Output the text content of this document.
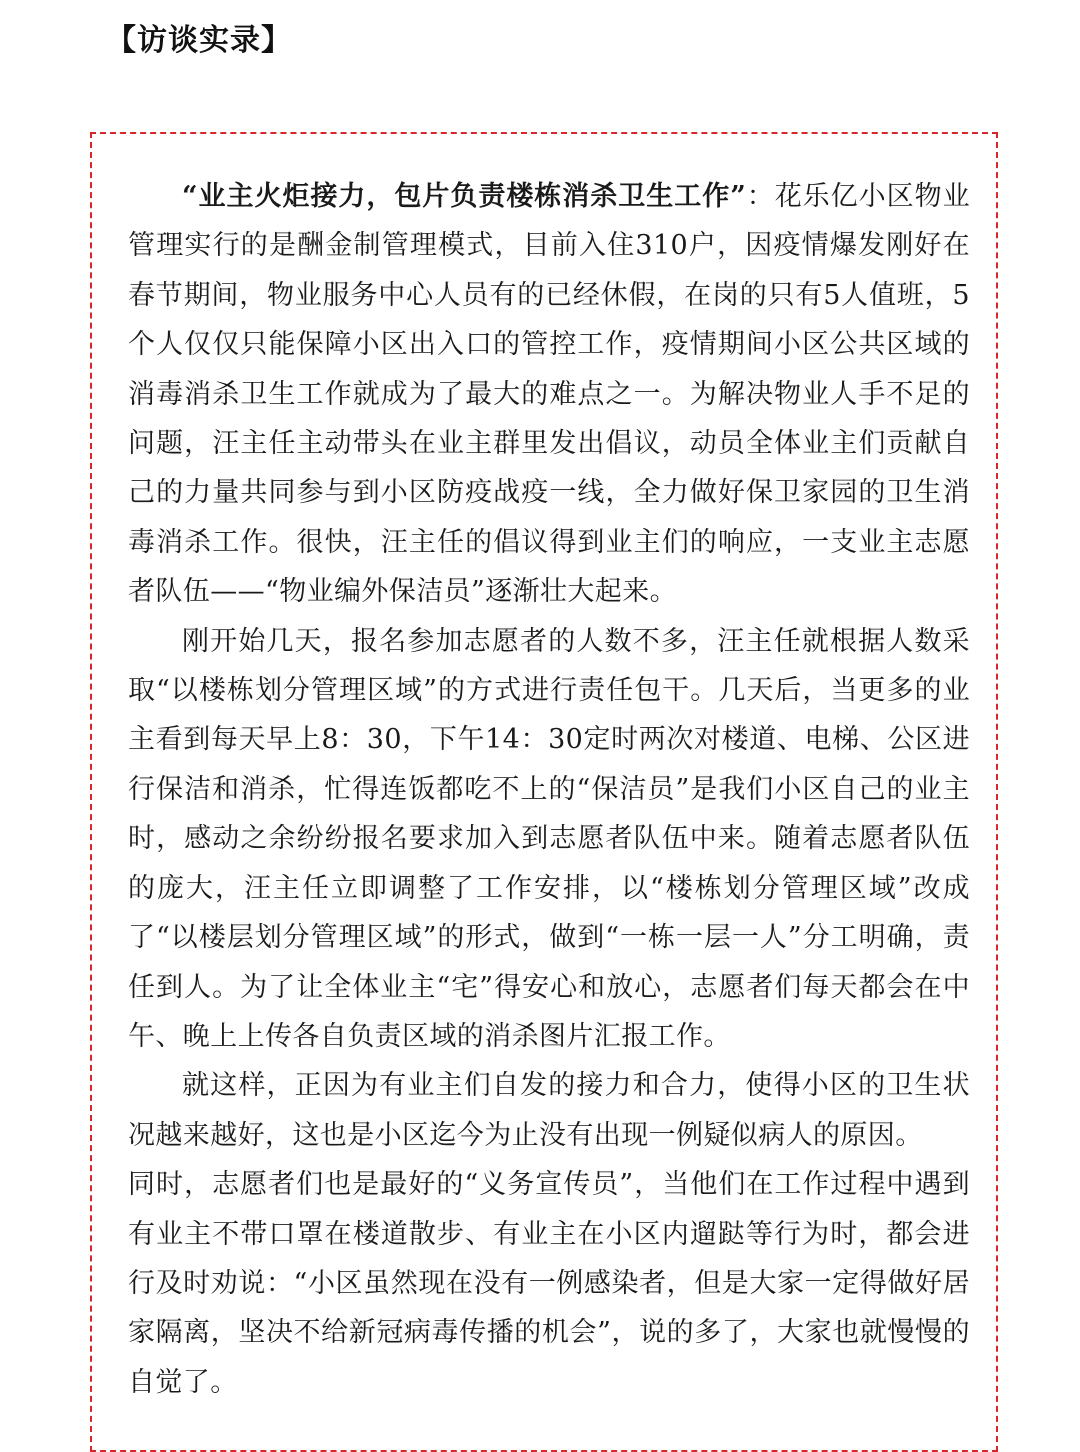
【访谈实录】

“业主火炬接力，包片负责楼栋消杀卫生工作”：花乐亿小区物业管理实行的是酬金制管理模式，目前入住310户，因疫情爆发刚好在春节期间，物业服务中心人员有的已经休假，在岗的只有5人值班，5个人仅仅只能保障小区出入口的管控工作，疫情期间小区公共区域的消毒消杀卫生工作就成为了最大的难点之一。为解决物业人手不足的问题，汪主任主动带头在业主群里发出倡议，动员全体业主们贡献自己的力量共同参与到小区防疫战疫一线，全力做好保卫家园的卫生消毒消杀工作。很快，汪主任的倡议得到业主们的响应，一支业主志愿者队伍——“物业编外保洁员”逐渐壮大起来。

刚开始几天，报名参加志愿者的人数不多，汪主任就根据人数采取“以楼栋划分管理区域”的方式进行责任包干。几天后，当更多的业主看到每天早上8：30，下午14：30定时两次对楼道、电梯、公区进行保洁和消杀，忙得连饭都吃不上的“保洁员”是我们小区自己的业主时，感动之余纷纷报名要求加入到志愿者队伍中来。随着志愿者队伍的庞大，汪主任立即调整了工作安排，以“楼栋划分管理区域”改成了“以楼层划分管理区域”的形式，做到“一栋一层一人”分工明确，责任到人。为了让全体业主“宅”得安心和放心，志愿者们每天都会在中午、晚上上传各自负责区域的消杀图片汇报工作。

就这样，正因为有业主们自发的接力和合力，使得小区的卫生状况越来越好，这也是小区迄今为止没有出现一例疑似病人的原因。

同时，志愿者们也是最好的“义务宣传员”，当他们在工作过程中遇到有业主不带口罩在楼道散步、有业主在小区内遛跶等行为时，都会进行及时劝说：“小区虽然现在没有一例感染者，但是大家一定得做好居家隔离，坚决不给新冠病毒传播的机会”，说的多了，大家也就慢慢的自觉了。
